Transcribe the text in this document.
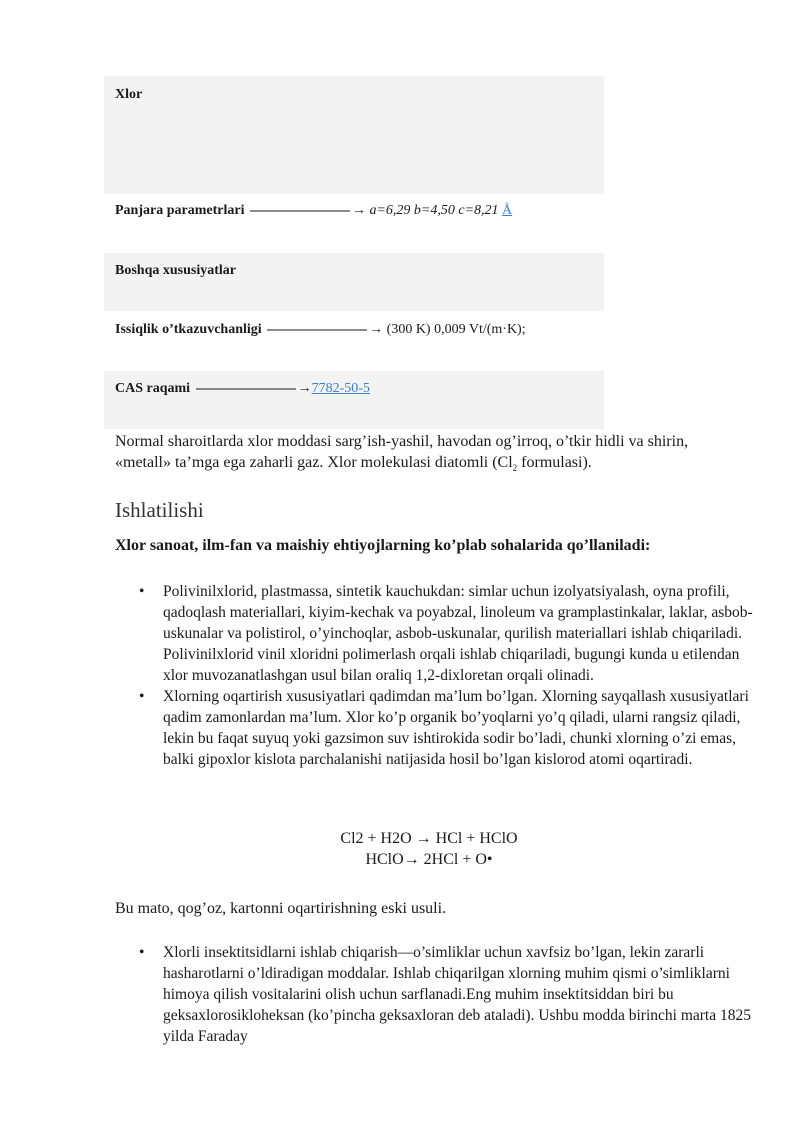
Xlor
Panjara parametrlari	→ a=6,29 b=4,50 c=8,21 Å
Boshqa xususiyatlar
Issiqlik o’tkazuvchanligi	→ (300 K) 0,009 Vt/(m·K);
CAS raqami	→7782-50-5
Normal sharoitlarda xlor moddasi sarg’ish-yashil, havodan og’irroq, o’tkir hidli va shirin, «metall» ta’mga ega zaharli gaz. Xlor molekulasi diatomli ($Cl_2$ formulasi).
Ishlatilishi
Xlor sanoat, ilm-fan va maishiy ehtiyojlarning ko’plab sohalarida qo’llaniladi:
• Polivinilxlorid, plastmassa, sintetik kauchukdan: simlar uchun izolyatsiyalash, oyna profili, qadoqlash materiallari, kiyim-kechak va poyabzal, linoleum va gramplastinkalar, laklar, asbob-uskunalar va polistirol, o’yinchoqlar, asbob-uskunalar, qurilish materiallari ishlab chiqariladi. Polivinilxlorid vinil xloridni polimerlash orqali ishlab chiqariladi, bugungi kunda u etilendan xlor muvozanatlashgan usul bilan oraliq 1,2-dixloretan orqali olinadi.
• Xlorning oqartirish xususiyatlari qadimdan ma’lum bo’lgan. Xlorning sayqallash xususiyatlari qadim zamonlardan ma’lum. Xlor ko’p organik bo’yoqlarni yo’q qiladi, ularni rangsiz qiladi, lekin bu faqat suyuq yoki gazsimon suv ishtirokida sodir bo’ladi, chunki xlorning o’zi emas, balki gipoxlor kislota parchalanishi natijasida hosil bo’lgan kislorod atomi oqartiradi.
Cl2 + H2O → HCl + HClO
HClO→ 2HCl + O•
Bu mato, qog’oz, kartonni oqartirishning eski usuli.
• Xlorli insektitsidlarni ishlab chiqarish—o’simliklar uchun xavfsiz bo’lgan, lekin zararli hasharotlarni o’ldiradigan moddalar. Ishlab chiqarilgan xlorning muhim qismi o’simliklarni himoya qilish vositalarini olish uchun sarflanadi.Eng muhim insektitsiddan biri bu geksaxlorosikloheksan (ko’pincha geksaxloran deb ataladi). Ushbu modda birinchi marta 1825 yilda Faraday
